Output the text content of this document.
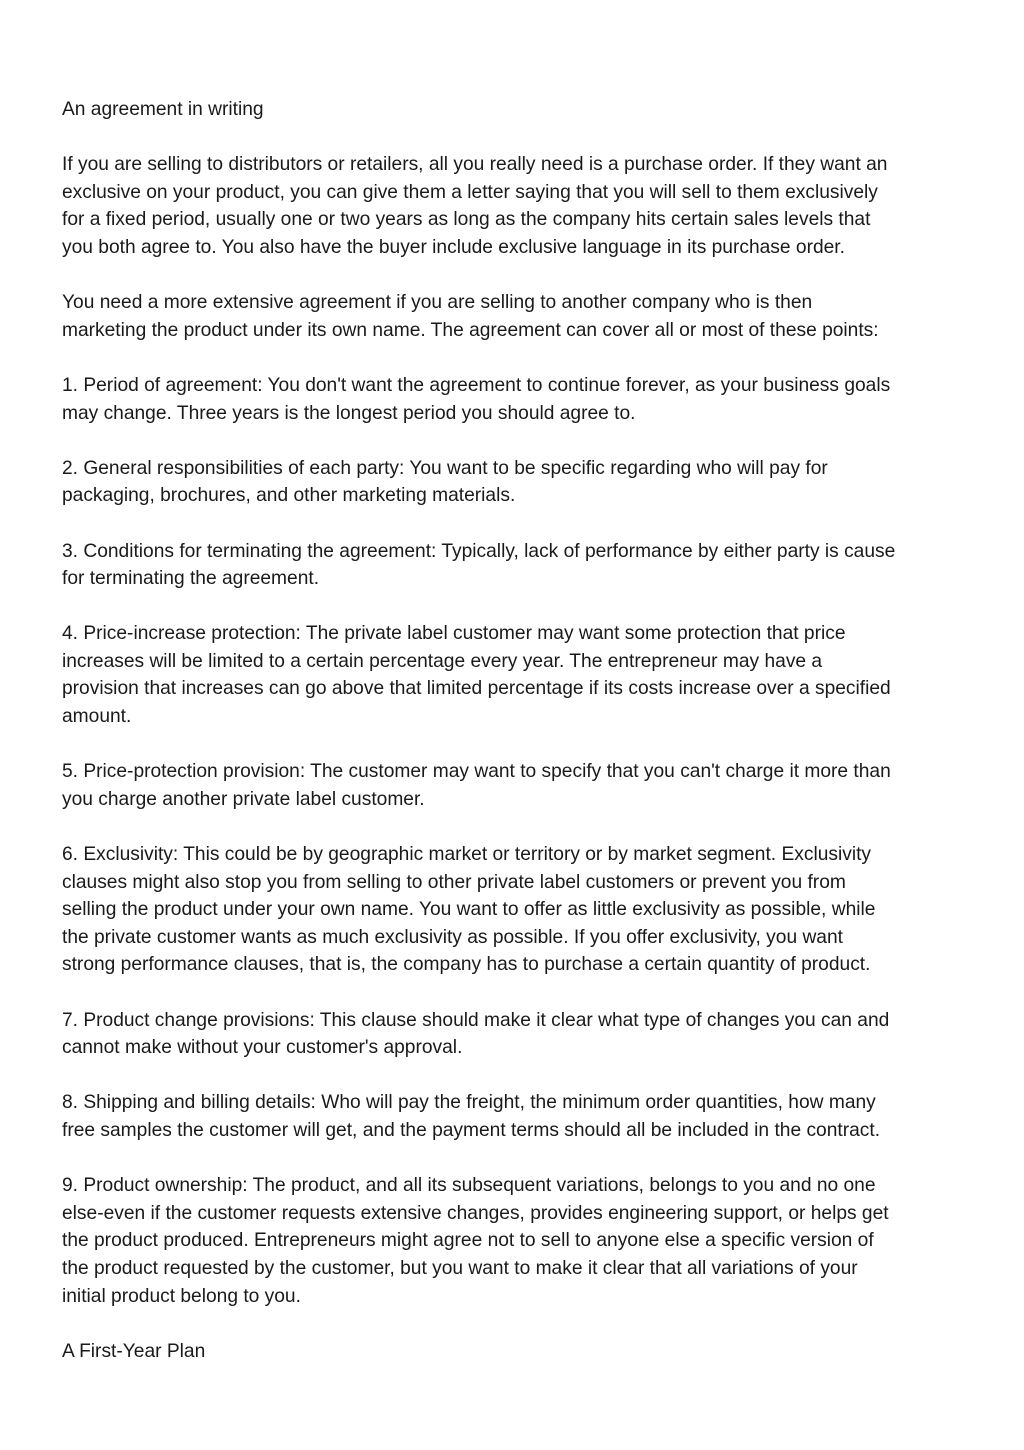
An agreement in writing
If you are selling to distributors or retailers, all you really need is a purchase order. If they want an
exclusive on your product, you can give them a letter saying that you will sell to them exclusively
for a fixed period, usually one or two years as long as the company hits certain sales levels that
you both agree to. You also have the buyer include exclusive language in its purchase order.
You need a more extensive agreement if you are selling to another company who is then
marketing the product under its own name. The agreement can cover all or most of these points:
1. Period of agreement: You don't want the agreement to continue forever, as your business goals
may change. Three years is the longest period you should agree to.
2. General responsibilities of each party: You want to be specific regarding who will pay for
packaging, brochures, and other marketing materials.
3. Conditions for terminating the agreement: Typically, lack of performance by either party is cause
for terminating the agreement.
4. Price-increase protection: The private label customer may want some protection that price
increases will be limited to a certain percentage every year. The entrepreneur may have a
provision that increases can go above that limited percentage if its costs increase over a specified
amount.
5. Price-protection provision: The customer may want to specify that you can't charge it more than
you charge another private label customer.
6. Exclusivity: This could be by geographic market or territory or by market segment. Exclusivity
clauses might also stop you from selling to other private label customers or prevent you from
selling the product under your own name. You want to offer as little exclusivity as possible, while
the private customer wants as much exclusivity as possible. If you offer exclusivity, you want
strong performance clauses, that is, the company has to purchase a certain quantity of product.
7. Product change provisions: This clause should make it clear what type of changes you can and
cannot make without your customer's approval.
8. Shipping and billing details: Who will pay the freight, the minimum order quantities, how many
free samples the customer will get, and the payment terms should all be included in the contract.
9. Product ownership: The product, and all its subsequent variations, belongs to you and no one
else-even if the customer requests extensive changes, provides engineering support, or helps get
the product produced. Entrepreneurs might agree not to sell to anyone else a specific version of
the product requested by the customer, but you want to make it clear that all variations of your
initial product belong to you.
A First-Year Plan
